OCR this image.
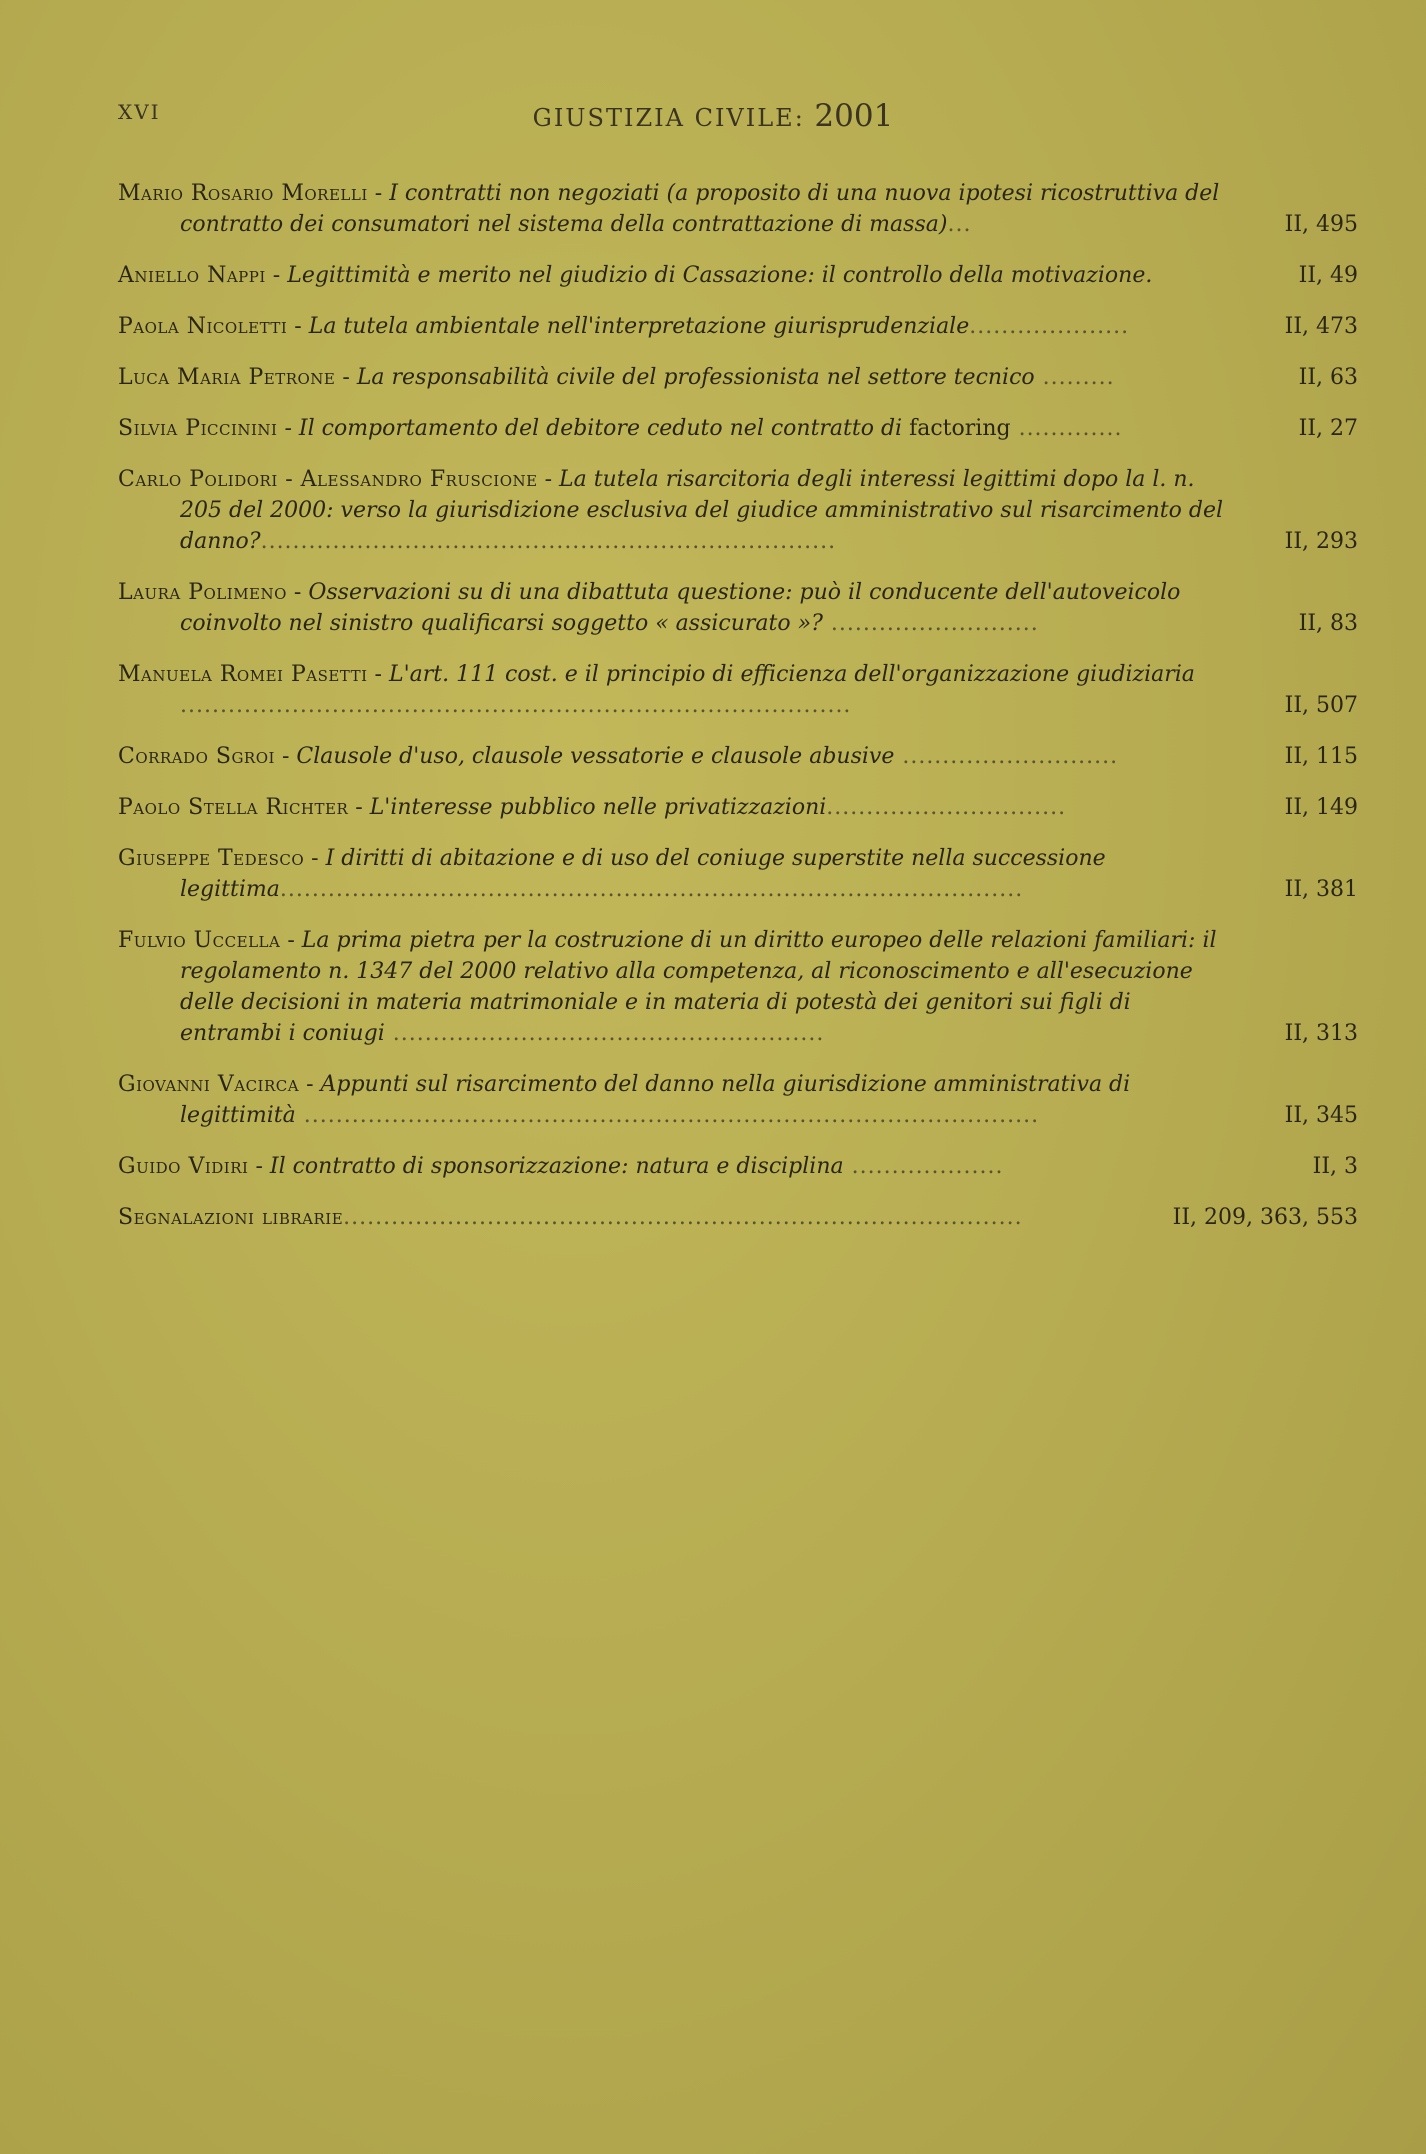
XVI	GIUSTIZIA CIVILE: 2001
Mario Rosario Morelli - I contratti non negoziati (a proposito di una nuova ipotesi ricostruttiva del contratto dei consumatori nel sistema della contrattazione di massa)...	II, 495
Aniello Nappi - Legittimità e merito nel giudizio di Cassazione: il controllo della motivazione.	II, 49
Paola Nicoletti - La tutela ambientale nell'interpretazione giurisprudenziale....................	II, 473
Luca Maria Petrone - La responsabilità civile del professionista nel settore tecnico .........	II, 63
Silvia Piccinini - Il comportamento del debitore ceduto nel contratto di factoring .............	II, 27
Carlo Polidori - Alessandro Fruscione - La tutela risarcitoria degli interessi legittimi dopo la l. n. 205 del 2000: verso la giurisdizione esclusiva del giudice amministrativo sul risarcimento del danno?........................................................................	II, 293
Laura Polimeno - Osservazioni su di una dibattuta questione: può il conducente dell'autoveicolo coinvolto nel sinistro qualificarsi soggetto « assicurato »? ..........................	II, 83
Manuela Romei Pasetti - L'art. 111 cost. e il principio di efficienza dell'organizzazione giudiziaria ....................................................................................	II, 507
Corrado Sgroi - Clausole d'uso, clausole vessatorie e clausole abusive ...........................	II, 115
Paolo Stella Richter - L'interesse pubblico nelle privatizzazioni..............................	II, 149
Giuseppe Tedesco - I diritti di abitazione e di uso del coniuge superstite nella successione legittima.............................................................................................	II, 381
Fulvio Uccella - La prima pietra per la costruzione di un diritto europeo delle relazioni familiari: il regolamento n. 1347 del 2000 relativo alla competenza, al riconoscimento e all'esecuzione delle decisioni in materia matrimoniale e in materia di potestà dei genitori sui figli di entrambi i coniugi ......................................................	II, 313
Giovanni Vacirca - Appunti sul risarcimento del danno nella giurisdizione amministrativa di legittimità ............................................................................................	II, 345
Guido Vidiri - Il contratto di sponsorizzazione: natura e disciplina ...................	II, 3
Segnalazioni librarie.....................................................................................	II, 209, 363, 553
